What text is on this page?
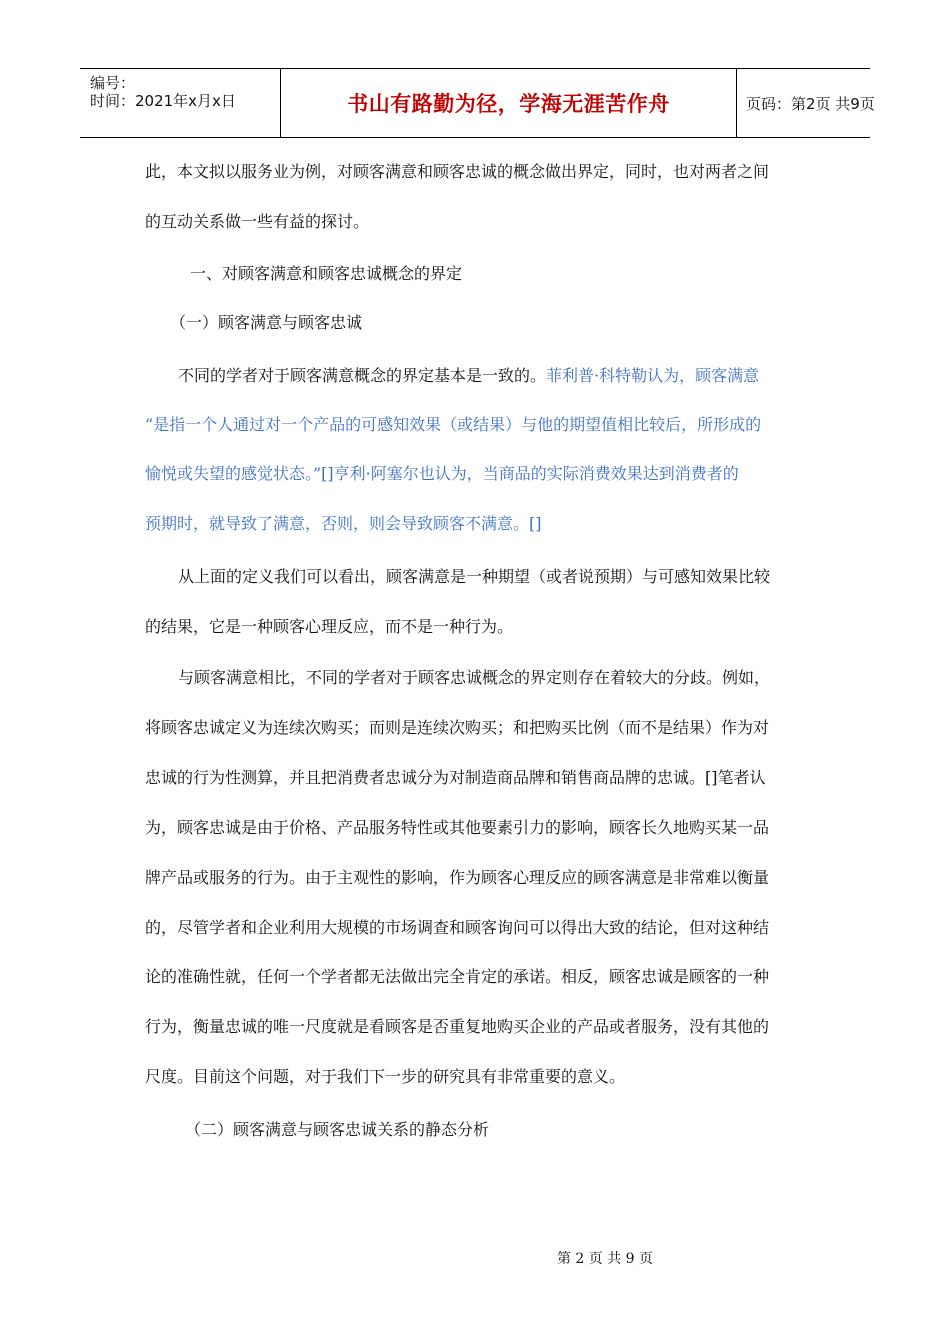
编号：
时间：2021年x月x日	书山有路勤为径，学海无涯苦作舟	页码：第2页 共9页
此，本文拟以服务业为例，对顾客满意和顾客忠诚的概念做出界定，同时，也对两者之间
的互动关系做一些有益的探讨。
一、对顾客满意和顾客忠诚概念的界定
（一）顾客满意与顾客忠诚
不同的学者对于顾客满意概念的界定基本是一致的。菲利普·科特勒认为，顾客满意
“是指一个人通过对一个产品的可感知效果（或结果）与他的期望值相比较后，所形成的
愉悦或失望的感觉状态。”[]亨利·阿塞尔也认为，当商品的实际消费效果达到消费者的
预期时，就导致了满意，否则，则会导致顾客不满意。[]
从上面的定义我们可以看出，顾客满意是一种期望（或者说预期）与可感知效果比较
的结果，它是一种顾客心理反应，而不是一种行为。
与顾客满意相比，不同的学者对于顾客忠诚概念的界定则存在着较大的分歧。例如，
将顾客忠诚定义为连续次购买；而则是连续次购买；和把购买比例（而不是结果）作为对
忠诚的行为性测算，并且把消费者忠诚分为对制造商品牌和销售商品牌的忠诚。[]笔者认
为，顾客忠诚是由于价格、产品服务特性或其他要素引力的影响，顾客长久地购买某一品
牌产品或服务的行为。由于主观性的影响，作为顾客心理反应的顾客满意是非常难以衡量
的，尽管学者和企业利用大规模的市场调查和顾客询问可以得出大致的结论，但对这种结
论的准确性就，任何一个学者都无法做出完全肯定的承诺。相反，顾客忠诚是顾客的一种
行为，衡量忠诚的唯一尺度就是看顾客是否重复地购买企业的产品或者服务，没有其他的
尺度。目前这个问题，对于我们下一步的研究具有非常重要的意义。
（二）顾客满意与顾客忠诚关系的静态分析
第 2 页 共 9 页
